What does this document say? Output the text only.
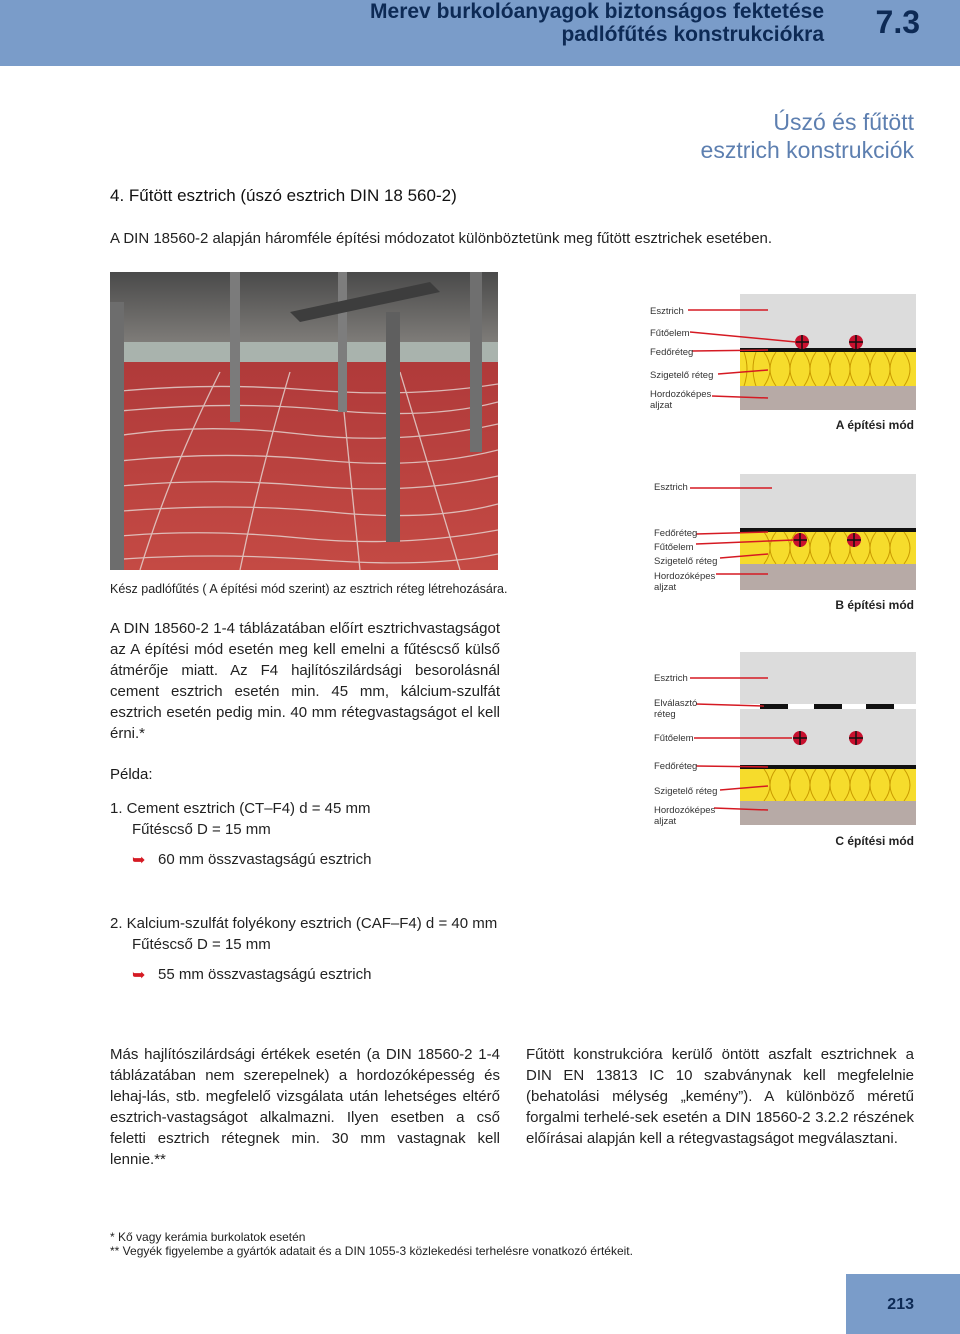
Merev burkolóanyagok biztonságos fektetése
padlófűtés konstrukciókra 7.3
Úszó és fűtött
esztrich konstrukciók
4. Fűtött esztrich (úszó esztrich DIN 18 560-2)
A DIN 18560-2 alapján háromféle építési módozatot különböztetünk meg fűtött esztrichek esetében.
Kész padlófűtés ( A építési mód szerint) az esztrich réteg létrehozására.
A DIN 18560-2 1-4 táblázatában előírt esztrichvastagságot az A építési mód esetén meg kell emelni a fűtéscső külső átmérője miatt. Az F4 hajlítószilárdsági besorolásnál cement esztrich esetén min. 45 mm, kálcium-szulfát esztrich esetén pedig min. 40 mm rétegvastagságot el kell érni.*
Példa:
1. Cement esztrich (CT–F4) d = 45 mm
Fűtéscső D = 15 mm
➥ 60 mm összvastagságú esztrich
2. Kalcium-szulfát folyékony esztrich (CAF–F4) d = 40 mm
Fűtéscső D = 15 mm
➥ 55 mm összvastagságú esztrich
Más hajlítószilárdsági értékek esetén (a DIN 18560-2 1-4 táblázatában nem szerepelnek) a hordozóképesség és lehaj-lás, stb. megfelelő vizsgálata után lehetséges eltérő esztrich-vastagságot alkalmazni. Ilyen esetben a cső feletti esztrich rétegnek min. 30 mm vastagnak kell lennie.**
Fűtött konstrukcióra kerülő öntött aszfalt esztrichnek a DIN EN 13813 IC 10 szabványnak kell megfelelnie (behatolási mélység „kemény”). A különböző méretű forgalmi terhelé-sek esetén a DIN 18560-2 3.2.2 részének előírásai alapján kell a rétegvastagságot megválasztani.
* Kő vagy kerámia burkolatok esetén
** Vegyék figyelembe a gyártók adatait és a DIN 1055-3 közlekedési terhelésre vonatkozó értékeit.
213
Esztrich
Fűtőelem
Fedőréteg
Szigetelő réteg
Hordozóképes
aljzat
A építési mód
Esztrich
Fedőréteg
Fűtőelem
Szigetelő réteg
Hordozóképes
aljzat
B építési mód
Esztrich
Elválasztó
réteg
Fűtőelem
Fedőréteg
Szigetelő réteg
Hordozóképes
aljzat
C építési mód
